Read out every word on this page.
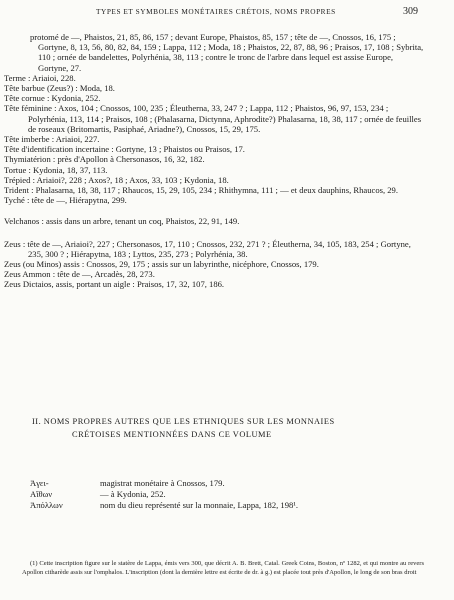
TYPES ET SYMBOLES MONÉTAIRES CRÉTOIS, NOMS PROPRES	309

protomé de —, Phaistos, 21, 85, 86, 157 ; devant Europe, Phaistos, 85, 157 ; tête de —, Cnossos, 16, 175 ; Gortyne, 8, 13, 56, 80, 82, 84, 159 ; Lappa, 112 ; Moda, 18 ; Phaistos, 22, 87, 88, 96 ; Praisos, 17, 108 ; Sybrita, 110 ; ornée de bandelettes, Polyrhénia, 38, 113 ; contre le tronc de l'arbre dans lequel est assise Europe, Gortyne, 27.

Terme : Ariaioi, 228.

Tête barbue (Zeus?) : Moda, 18.

Tête cornue : Kydonia, 252.

Tête féminine : Axos, 104 ; Cnossos, 100, 235 ; Éleutherna, 33, 247 ? ; Lappa, 112 ; Phaistos, 96, 97, 153, 234 ; Polyrhénia, 113, 114 ; Praisos, 108 ; (Phalasarna, Dictynna, Aphrodite?) Phalasarna, 18, 38, 117 ; ornée de feuilles de roseaux (Britomartis, Pasiphaé, Ariadne?), Cnossos, 15, 29, 175.

Tête imberbe : Ariaioi, 227.

Tête d'identification incertaine : Gortyne, 13 ; Phaistos ou Praisos, 17.

Thymiatérion : près d'Apollon à Chersonasos, 16, 32, 182.

Tortue : Kydonia, 18, 37, 113.

Trépied : Ariaioi?, 228 ; Axos?, 18 ; Axos, 33, 103 ; Kydonia, 18.

Trident : Phalasarna, 18, 38, 117 ; Rhaucos, 15, 29, 105, 234 ; Rhithymna, 111 ; — et deux dauphins, Rhaucos, 29.

Tyché : tête de —, Hiérapytna, 299.

Velchanos : assis dans un arbre, tenant un coq, Phaistos, 22, 91, 149.

Zeus : tête de —, Ariaioi?, 227 ; Chersonasos, 17, 110 ; Cnossos, 232, 271 ? ; Éleutherna, 34, 105, 183, 254 ; Gortyne, 235, 300 ? ; Hiérapytna, 183 ; Lyttos, 235, 273 ; Polyrhénia, 38.

Zeus (ou Minos) assis : Cnossos, 29, 175 ; assis sur un labyrinthe, nicéphore, Cnossos, 179.

Zeus Ammon : tête de —, Arcadès, 28, 273.

Zeus Dictaios, assis, portant un aigle : Praisos, 17, 32, 107, 186.

II. NOMS PROPRES AUTRES QUE LES ETHNIQUES SUR LES MONNAIES
CRÉTOISES MENTIONNÉES DANS CE VOLUME
Ἀγει-	magistrat monétaire à Cnossos, 179.
Αἴθων	— à Kydonia, 252.
Ἀπόλλων	nom du dieu représenté sur la monnaie, Lappa, 182, 198¹.

(1) Cette inscription figure sur le statère de Lappa, émis vers 300, que décrit A. B. Brett, Catal. Greek Coins, Boston, nº 1282, et qui montre au revers Apollon citharède assis sur l'omphalos. L'inscription (dont la dernière lettre est écrite de dr. à g.) est placée tout près d'Apollon, le long de son bras droit
